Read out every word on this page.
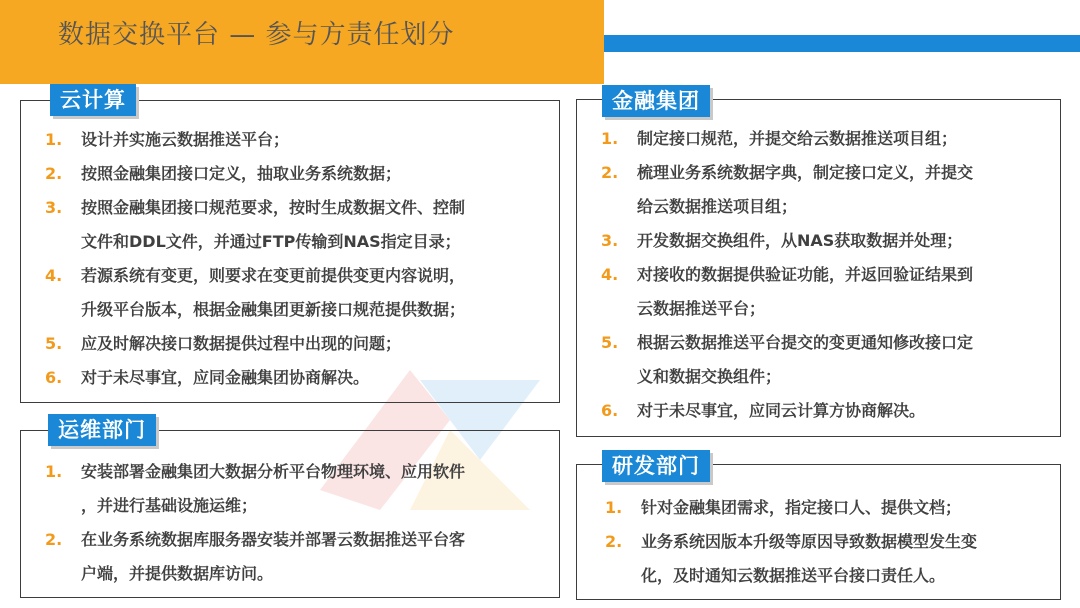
数据交换平台 — 参与方责任划分
1.	设计并实施云数据推送平台；
2.	按照金融集团接口定义，抽取业务系统数据；
3.	按照金融集团接口规范要求，按时生成数据文件、控制
文件和DDL文件，并通过FTP传输到NAS指定目录；
4.	若源系统有变更，则要求在变更前提供变更内容说明，
升级平台版本，根据金融集团更新接口规范提供数据；
5.	应及时解决接口数据提供过程中出现的问题；
6.	对于未尽事宜，应同金融集团协商解决。
云计算
1.	制定接口规范，并提交给云数据推送项目组；
2.	梳理业务系统数据字典，制定接口定义，并提交
给云数据推送项目组；
3.	开发数据交换组件，从NAS获取数据并处理；
4.	对接收的数据提供验证功能，并返回验证结果到
云数据推送平台；
5.	根据云数据推送平台提交的变更通知修改接口定
义和数据交换组件；
6.	对于未尽事宜，应同云计算方协商解决。
金融集团
1.	安装部署金融集团大数据分析平台物理环境、应用软件
，并进行基础设施运维；
2.	在业务系统数据库服务器安装并部署云数据推送平台客
户端，并提供数据库访问。
运维部门
1.	针对金融集团需求，指定接口人、提供文档；
2.	业务系统因版本升级等原因导致数据模型发生变
化，及时通知云数据推送平台接口责任人。
研发部门
